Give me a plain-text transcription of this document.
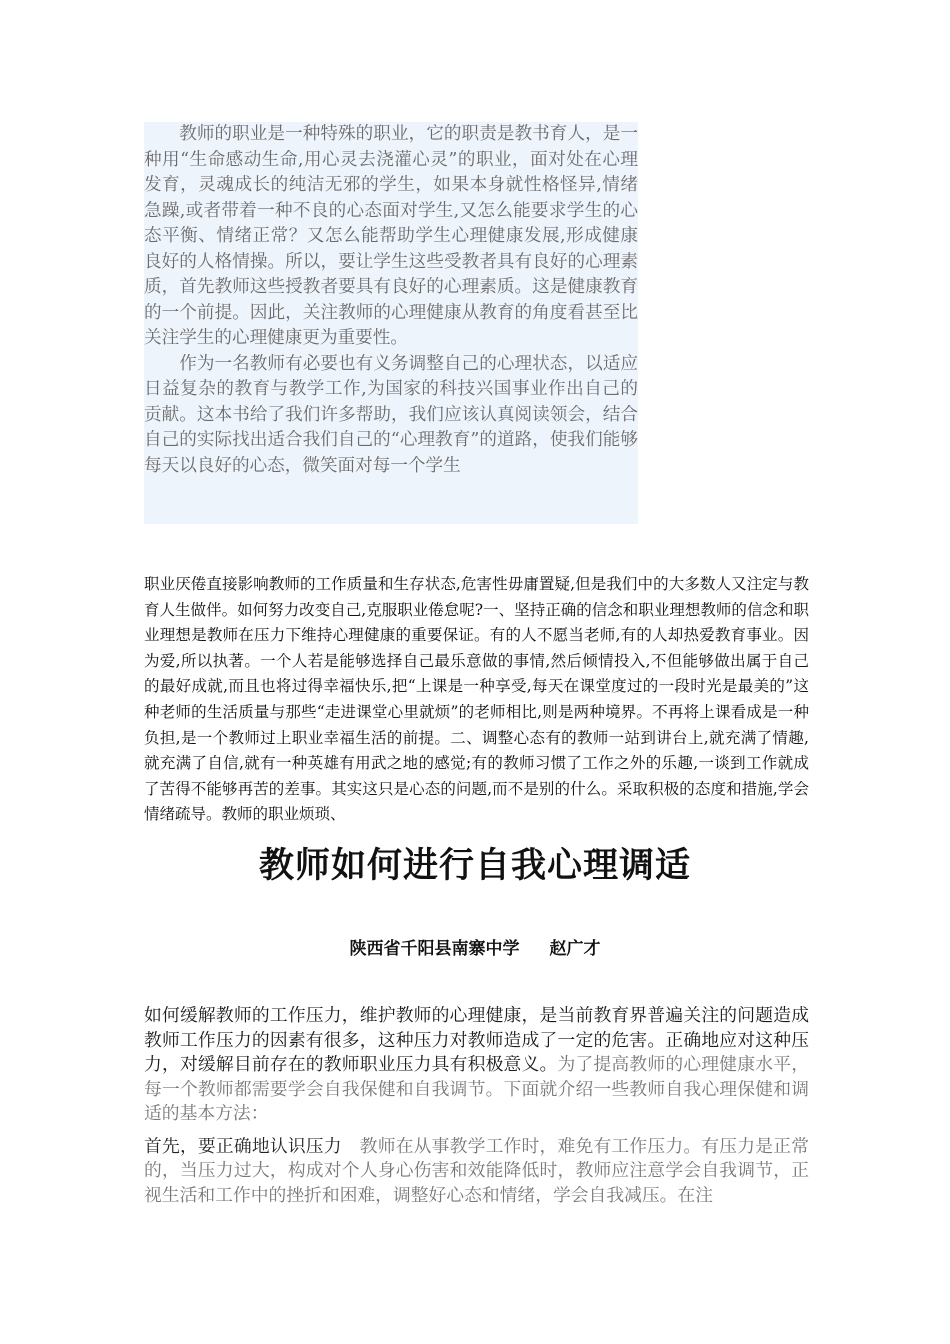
教师的职业是一种特殊的职业，它的职责是教书育人，是一种用“生命感动生命,用心灵去浇灌心灵”的职业，面对处在心理发育，灵魂成长的纯洁无邪的学生，如果本身就性格怪异,情绪急躁,或者带着一种不良的心态面对学生,又怎么能要求学生的心态平衡、情绪正常？又怎么能帮助学生心理健康发展,形成健康良好的人格情操。所以，要让学生这些受教者具有良好的心理素质，首先教师这些授教者要具有良好的心理素质。这是健康教育的一个前提。因此，关注教师的心理健康从教育的角度看甚至比关注学生的心理健康更为重要性。

作为一名教师有必要也有义务调整自己的心理状态，以适应日益复杂的教育与教学工作,为国家的科技兴国事业作出自己的贡献。这本书给了我们许多帮助，我们应该认真阅读领会，结合自己的实际找出适合我们自己的“心理教育”的道路，使我们能够每天以良好的心态，微笑面对每一个学生

职业厌倦直接影响教师的工作质量和生存状态,危害性毋庸置疑,但是我们中的大多数人又注定与教育人生做伴。如何努力改变自己,克服职业倦怠呢?一、坚持正确的信念和职业理想教师的信念和职业理想是教师在压力下维持心理健康的重要保证。有的人不愿当老师,有的人却热爱教育事业。因为爱,所以执著。一个人若是能够选择自己最乐意做的事情,然后倾情投入,不但能够做出属于自己的最好成就,而且也将过得幸福快乐,把“上课是一种享受,每天在课堂度过的一段时光是最美的”这种老师的生活质量与那些“走进课堂心里就烦”的老师相比,则是两种境界。不再将上课看成是一种负担,是一个教师过上职业幸福生活的前提。二、调整心态有的教师一站到讲台上,就充满了情趣,就充满了自信,就有一种英雄有用武之地的感觉;有的教师习惯了工作之外的乐趣,一谈到工作就成了苦得不能够再苦的差事。其实这只是心态的问题,而不是别的什么。采取积极的态度和措施,学会情绪疏导。教师的职业烦琐、

教师如何进行自我心理调适
陕西省千阳县南寨中学 赵广才

如何缓解教师的工作压力，维护教师的心理健康，是当前教育界普遍关注的问题造成教师工作压力的因素有很多，这种压力对教师造成了一定的危害。正确地应对这种压力，对缓解目前存在的教师职业压力具有积极意义。为了提高教师的心理健康水平，每一个教师都需要学会自我保健和自我调节。下面就介绍一些教师自我心理保健和调适的基本方法：

首先，要正确地认识压力　教师在从事教学工作时，难免有工作压力。有压力是正常的，当压力过大，构成对个人身心伤害和效能降低时，教师应注意学会自我调节，正视生活和工作中的挫折和困难，调整好心态和情绪，学会自我减压。在注
